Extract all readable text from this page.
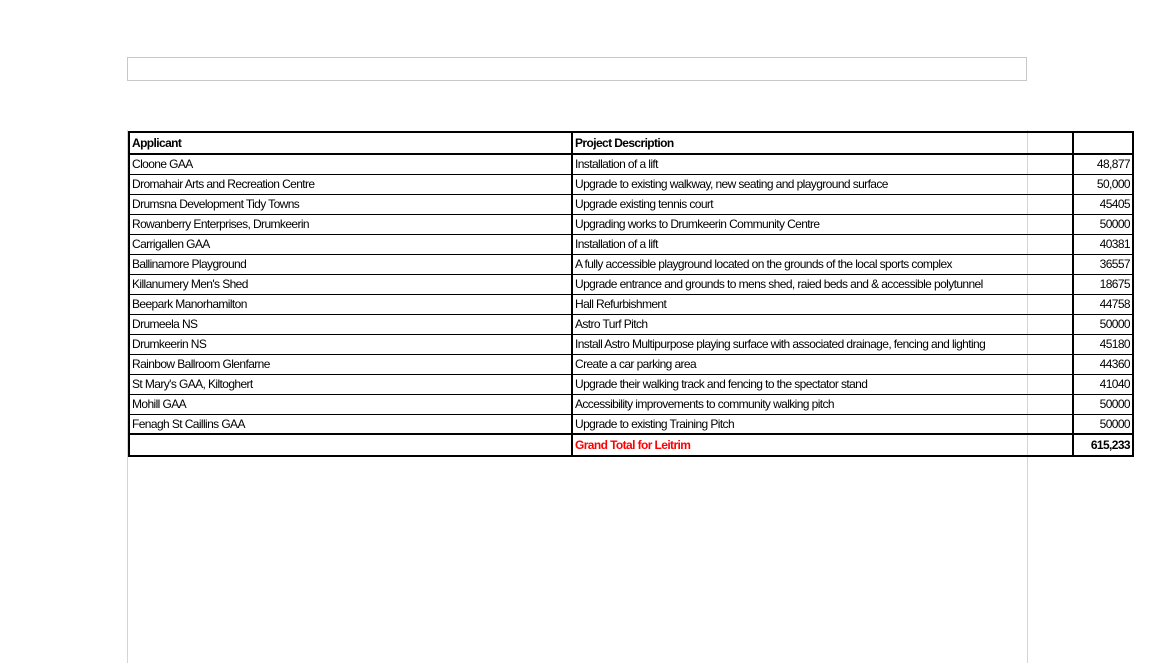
Applicant	Project Description	
Cloone GAA	Installation of a lift	48,877
Dromahair Arts and Recreation Centre	Upgrade to existing walkway, new seating and playground surface	50,000
Drumsna Development Tidy Towns	Upgrade existing tennis court	45405
Rowanberry Enterprises, Drumkeerin	Upgrading works to Drumkeerin Community Centre	50000
Carrigallen GAA	Installation of a lift	40381
Ballinamore Playground	A fully accessible playground located on the grounds of the local sports complex	36557
Killanumery Men's Shed	Upgrade entrance and grounds to mens shed, raied beds and & accessible polytunnel	18675
Beepark Manorhamilton	Hall Refurbishment	44758
Drumeela NS	Astro Turf Pitch	50000
Drumkeerin NS	Install Astro Multipurpose playing surface with associated drainage, fencing and lighting	45180
Rainbow Ballroom Glenfarne	Create a car parking area	44360
St Mary's GAA, Kiltoghert	Upgrade their walking track and fencing to the spectator stand	41040
Mohill GAA	Accessibility improvements to community walking pitch	50000
Fenagh St Caillins GAA	Upgrade to existing Training Pitch	50000
	Grand Total for Leitrim	615,233
